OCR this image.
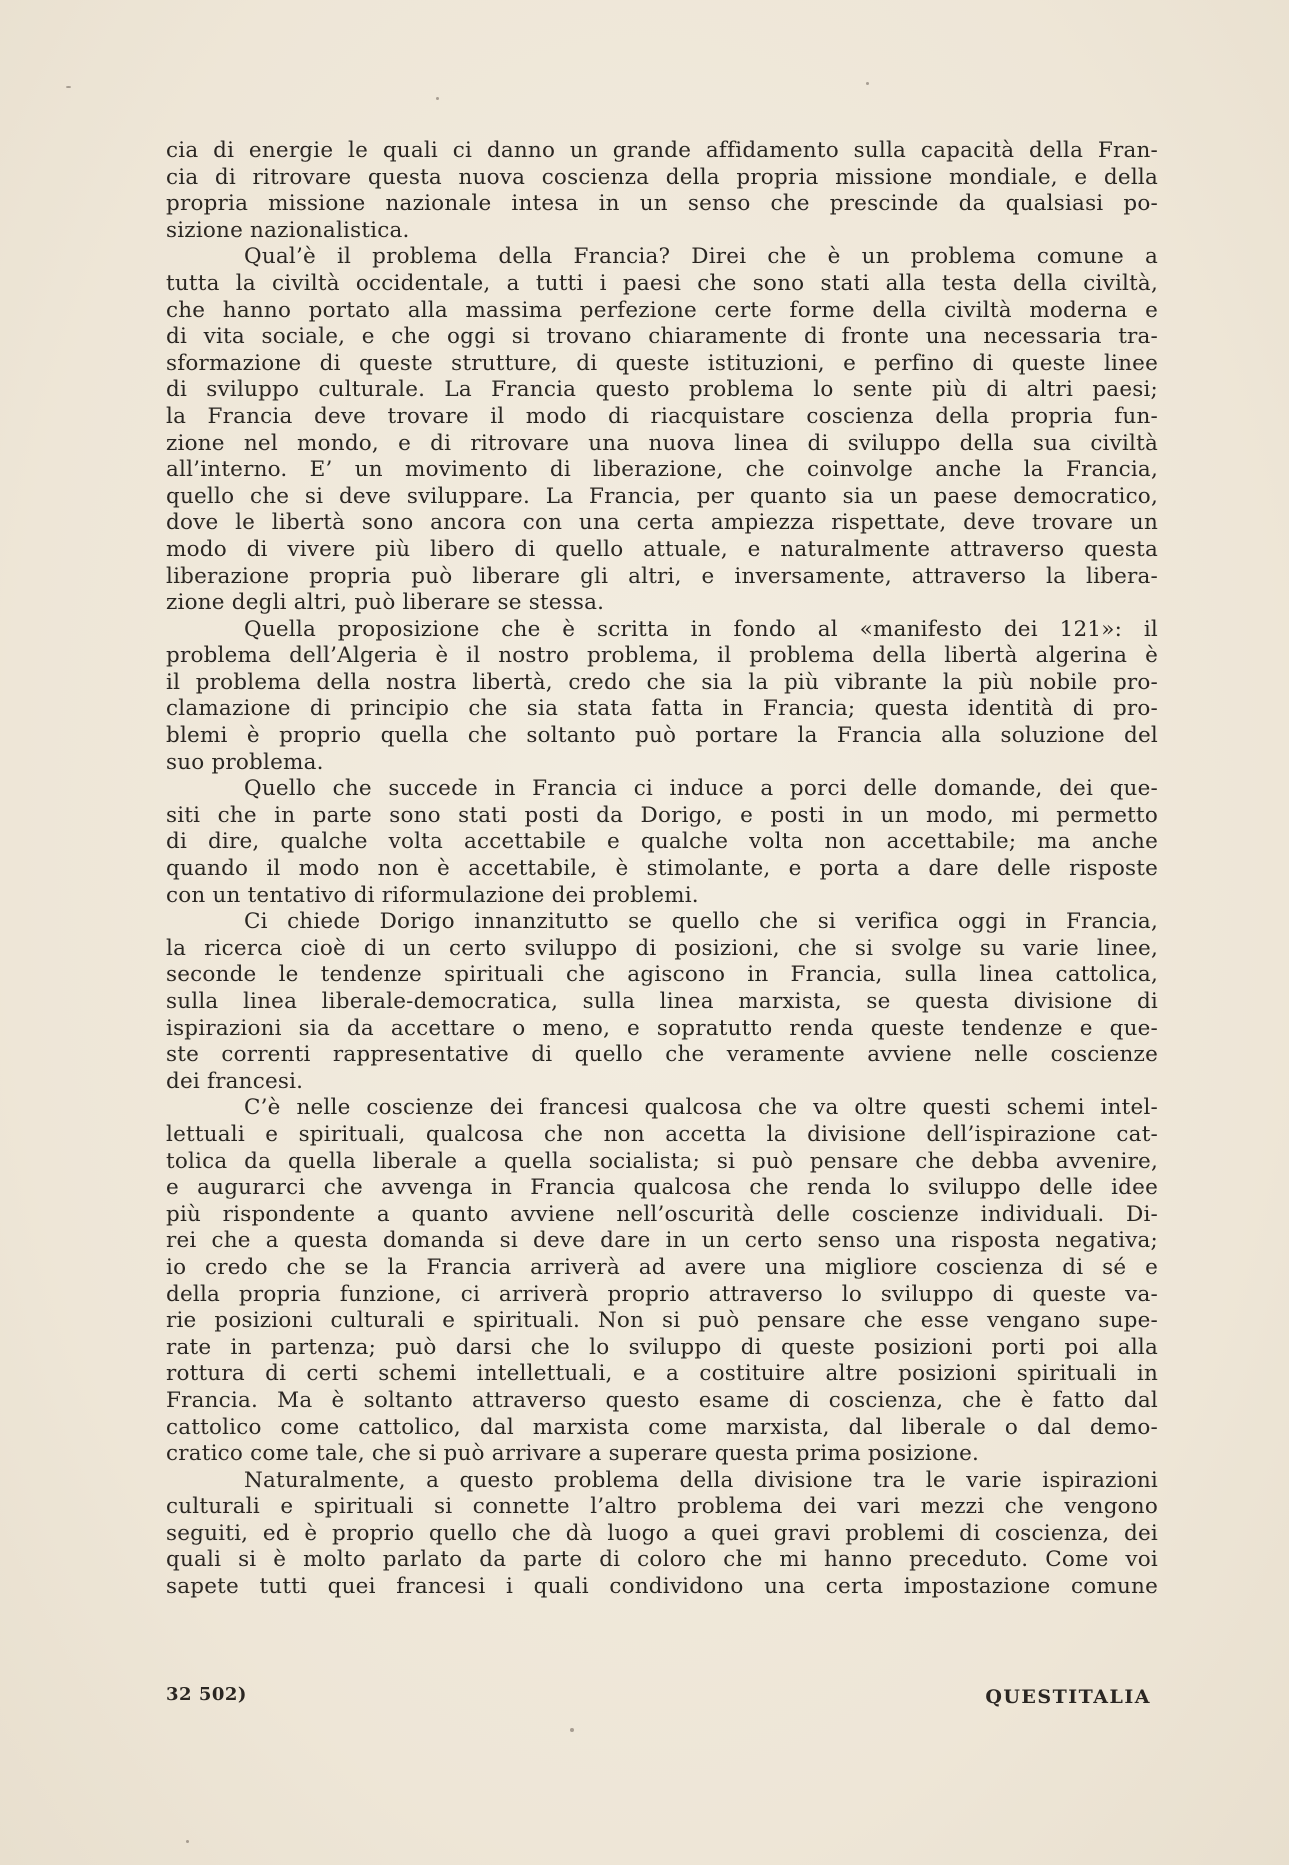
cia di energie le quali ci danno un grande affidamento sulla capacità della Fran-
cia di ritrovare questa nuova coscienza della propria missione mondiale, e della
propria missione nazionale intesa in un senso che prescinde da qualsiasi po-
sizione nazionalistica.
Qual’è il problema della Francia? Direi che è un problema comune a
tutta la civiltà occidentale, a tutti i paesi che sono stati alla testa della civiltà,
che hanno portato alla massima perfezione certe forme della civiltà moderna e
di vita sociale, e che oggi si trovano chiaramente di fronte una necessaria tra-
sformazione di queste strutture, di queste istituzioni, e perfino di queste linee
di sviluppo culturale. La Francia questo problema lo sente più di altri paesi;
la Francia deve trovare il modo di riacquistare coscienza della propria fun-
zione nel mondo, e di ritrovare una nuova linea di sviluppo della sua civiltà
all’interno. E’ un movimento di liberazione, che coinvolge anche la Francia,
quello che si deve sviluppare. La Francia, per quanto sia un paese democratico,
dove le libertà sono ancora con una certa ampiezza rispettate, deve trovare un
modo di vivere più libero di quello attuale, e naturalmente attraverso questa
liberazione propria può liberare gli altri, e inversamente, attraverso la libera-
zione degli altri, può liberare se stessa.
Quella proposizione che è scritta in fondo al «manifesto dei 121»: il
problema dell’Algeria è il nostro problema, il problema della libertà algerina è
il problema della nostra libertà, credo che sia la più vibrante la più nobile pro-
clamazione di principio che sia stata fatta in Francia; questa identità di pro-
blemi è proprio quella che soltanto può portare la Francia alla soluzione del
suo problema.
Quello che succede in Francia ci induce a porci delle domande, dei que-
siti che in parte sono stati posti da Dorigo, e posti in un modo, mi permetto
di dire, qualche volta accettabile e qualche volta non accettabile; ma anche
quando il modo non è accettabile, è stimolante, e porta a dare delle risposte
con un tentativo di riformulazione dei problemi.
Ci chiede Dorigo innanzitutto se quello che si verifica oggi in Francia,
la ricerca cioè di un certo sviluppo di posizioni, che si svolge su varie linee,
seconde le tendenze spirituali che agiscono in Francia, sulla linea cattolica,
sulla linea liberale-democratica, sulla linea marxista, se questa divisione di
ispirazioni sia da accettare o meno, e sopratutto renda queste tendenze e que-
ste correnti rappresentative di quello che veramente avviene nelle coscienze
dei francesi.
C’è nelle coscienze dei francesi qualcosa che va oltre questi schemi intel-
lettuali e spirituali, qualcosa che non accetta la divisione dell’ispirazione cat-
tolica da quella liberale a quella socialista; si può pensare che debba avvenire,
e augurarci che avvenga in Francia qualcosa che renda lo sviluppo delle idee
più rispondente a quanto avviene nell’oscurità delle coscienze individuali. Di-
rei che a questa domanda si deve dare in un certo senso una risposta negativa;
io credo che se la Francia arriverà ad avere una migliore coscienza di sé e
della propria funzione, ci arriverà proprio attraverso lo sviluppo di queste va-
rie posizioni culturali e spirituali. Non si può pensare che esse vengano supe-
rate in partenza; può darsi che lo sviluppo di queste posizioni porti poi alla
rottura di certi schemi intellettuali, e a costituire altre posizioni spirituali in
Francia. Ma è soltanto attraverso questo esame di coscienza, che è fatto dal
cattolico come cattolico, dal marxista come marxista, dal liberale o dal demo-
cratico come tale, che si può arrivare a superare questa prima posizione.
Naturalmente, a questo problema della divisione tra le varie ispirazioni
culturali e spirituali si connette l’altro problema dei vari mezzi che vengono
seguiti, ed è proprio quello che dà luogo a quei gravi problemi di coscienza, dei
quali si è molto parlato da parte di coloro che mi hanno preceduto. Come voi
sapete tutti quei francesi i quali condividono una certa impostazione comune
32 502)	QUESTITALIA
